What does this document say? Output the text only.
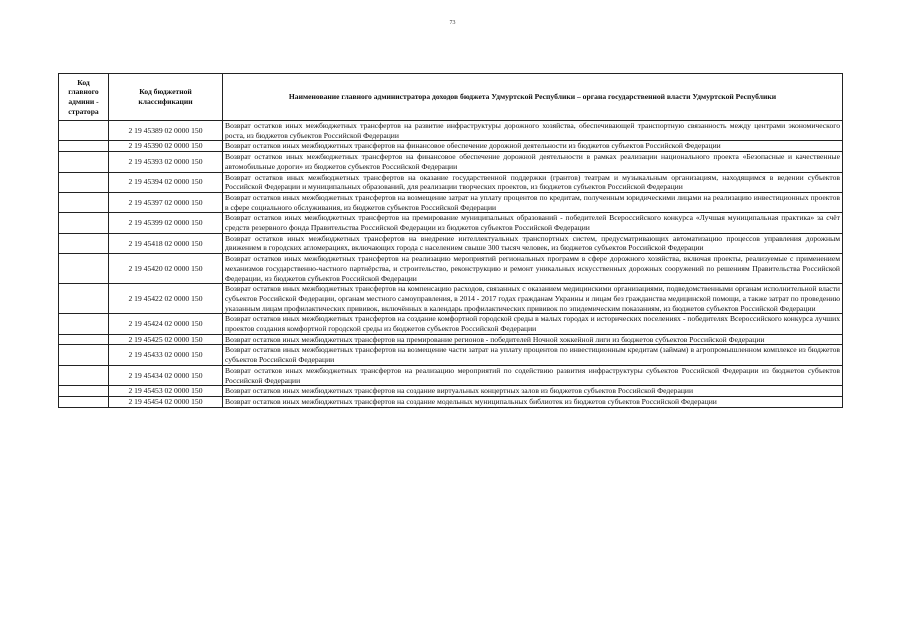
73
Код главного админи - стратора	Код бюджетной классификации	Наименование главного администратора доходов бюджета Удмуртской Республики – органа государственной власти Удмуртской Республики
	2 19 45389 02 0000 150	Возврат остатков иных межбюджетных трансфертов на развитие инфраструктуры дорожного хозяйства, обеспечивающей транспортную связанность между центрами экономического роста, из бюджетов субъектов Российской Федерации
	2 19 45390 02 0000 150	Возврат остатков иных межбюджетных трансфертов на финансовое обеспечение дорожной деятельности из бюджетов субъектов Российской Федерации
	2 19 45393 02 0000 150	Возврат остатков иных межбюджетных трансфертов на финансовое обеспечение дорожной деятельности в рамках реализации национального проекта «Безопасные и качественные автомобильные дороги» из бюджетов субъектов Российской Федерации
	2 19 45394 02 0000 150	Возврат остатков иных межбюджетных трансфертов на оказание государственной поддержки (грантов) театрам и музыкальным организациям, находящимся в ведении субъектов Российской Федерации и муниципальных образований, для реализации творческих проектов, из бюджетов субъектов Российской Федерации
	2 19 45397 02 0000 150	Возврат остатков иных межбюджетных трансфертов на возмещение затрат на уплату процентов по кредитам, полученным юридическими лицами на реализацию инвестиционных проектов в сфере социального обслуживания, из бюджетов субъектов Российской Федерации
	2 19 45399 02 0000 150	Возврат остатков иных межбюджетных трансфертов на премирование муниципальных образований - победителей Всероссийского конкурса «Лучшая муниципальная практика» за счёт средств резервного фонда Правительства Российской Федерации из бюджетов субъектов Российской Федерации
	2 19 45418 02 0000 150	Возврат остатков иных межбюджетных трансфертов на внедрение интеллектуальных транспортных систем, предусматривающих автоматизацию процессов управления дорожным движением в городских агломерациях, включающих города с населением свыше 300 тысяч человек, из бюджетов субъектов Российской Федерации
	2 19 45420 02 0000 150	Возврат остатков иных межбюджетных трансфертов на реализацию мероприятий региональных программ в сфере дорожного хозяйства, включая проекты, реализуемые с применением механизмов государственно-частного партнёрства, и строительство, реконструкцию и ремонт уникальных искусственных дорожных сооружений по решениям Правительства Российской Федерации, из бюджетов субъектов Российской Федерации
	2 19 45422 02 0000 150	Возврат остатков иных межбюджетных трансфертов на компенсацию расходов, связанных с оказанием медицинскими организациями, подведомственными органам исполнительной власти субъектов Российской Федерации, органам местного самоуправления, в 2014 - 2017 годах гражданам Украины и лицам без гражданства медицинской помощи, а также затрат по проведению указанным лицам профилактических прививок, включённых в календарь профилактических прививок по эпидемическим показаниям, из бюджетов субъектов Российской Федерации
	2 19 45424 02 0000 150	Возврат остатков иных межбюджетных трансфертов на создание комфортной городской среды в малых городах и исторических поселениях - победителях Всероссийского конкурса лучших проектов создания комфортной городской среды из бюджетов субъектов Российской Федерации
	2 19 45425 02 0000 150	Возврат остатков иных межбюджетных трансфертов на премирование регионов - победителей Ночной хоккейной лиги из бюджетов субъектов Российской Федерации
	2 19 45433 02 0000 150	Возврат остатков иных межбюджетных трансфертов на возмещение части затрат на уплату процентов по инвестиционным кредитам (займам) в агропромышленном комплексе из бюджетов субъектов Российской Федерации
	2 19 45434 02 0000 150	Возврат остатков иных межбюджетных трансфертов на реализацию мероприятий по содействию развития инфраструктуры субъектов Российской Федерации из бюджетов субъектов Российской Федерации
	2 19 45453 02 0000 150	Возврат остатков иных межбюджетных трансфертов на создание виртуальных концертных залов из бюджетов субъектов Российской Федерации
	2 19 45454 02 0000 150	Возврат остатков иных межбюджетных трансфертов на создание модельных муниципальных библиотек из бюджетов субъектов Российской Федерации
